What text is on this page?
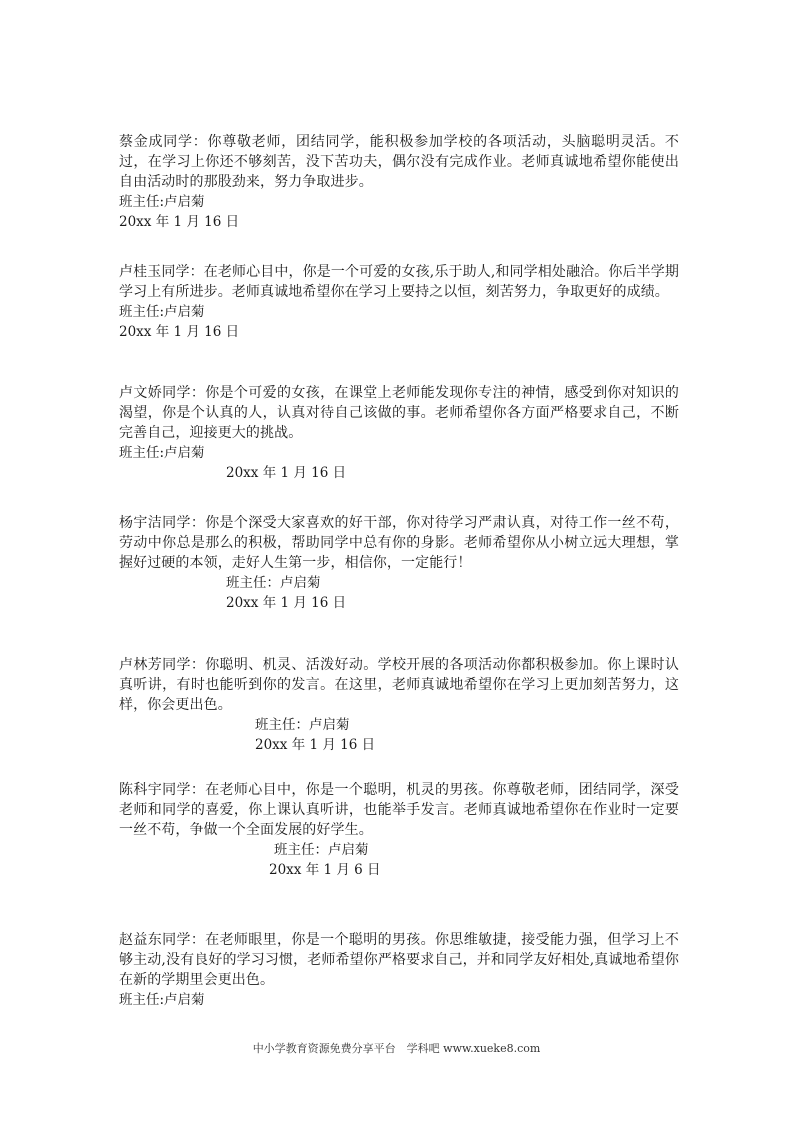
蔡金成同学：你尊敬老师，团结同学，能积极参加学校的各项活动，头脑聪明灵活。不过，在学习上你还不够刻苦，没下苦功夫，偶尔没有完成作业。老师真诚地希望你能使出自由活动时的那股劲来，努力争取进步。

班主任:卢启菊

20xx 年 1 月 16 日

卢桂玉同学：在老师心目中，你是一个可爱的女孩,乐于助人,和同学相处融洽。你后半学期学习上有所进步。老师真诚地希望你在学习上要持之以恒，刻苦努力，争取更好的成绩。

班主任:卢启菊

20xx 年 1 月 16 日

卢文娇同学：你是个可爱的女孩，在课堂上老师能发现你专注的神情，感受到你对知识的渴望，你是个认真的人，认真对待自己该做的事。老师希望你各方面严格要求自己，不断完善自己，迎接更大的挑战。

班主任:卢启菊

20xx 年 1 月 16 日

杨宇洁同学：你是个深受大家喜欢的好干部，你对待学习严肃认真，对待工作一丝不苟，劳动中你总是那么的积极，帮助同学中总有你的身影。老师希望你从小树立远大理想，掌握好过硬的本领，走好人生第一步，相信你，一定能行！

班主任：卢启菊

20xx 年 1 月 16 日

卢林芳同学：你聪明、机灵、活泼好动。学校开展的各项活动你都积极参加。你上课时认真听讲，有时也能听到你的发言。在这里，老师真诚地希望你在学习上更加刻苦努力，这样，你会更出色。

班主任：卢启菊

20xx 年 1 月 16 日

陈科宇同学：在老师心目中，你是一个聪明，机灵的男孩。你尊敬老师，团结同学，深受老师和同学的喜爱，你上课认真听讲，也能举手发言。老师真诚地希望你在作业时一定要一丝不苟，争做一个全面发展的好学生。

班主任：卢启菊

20xx 年 1 月 6 日

赵益东同学：在老师眼里，你是一个聪明的男孩。你思维敏捷，接受能力强，但学习上不够主动,没有良好的学习习惯，老师希望你严格要求自己，并和同学友好相处,真诚地希望你在新的学期里会更出色。

班主任:卢启菊

中小学教育资源免费分享平台　学科吧 www.xueke8.com
